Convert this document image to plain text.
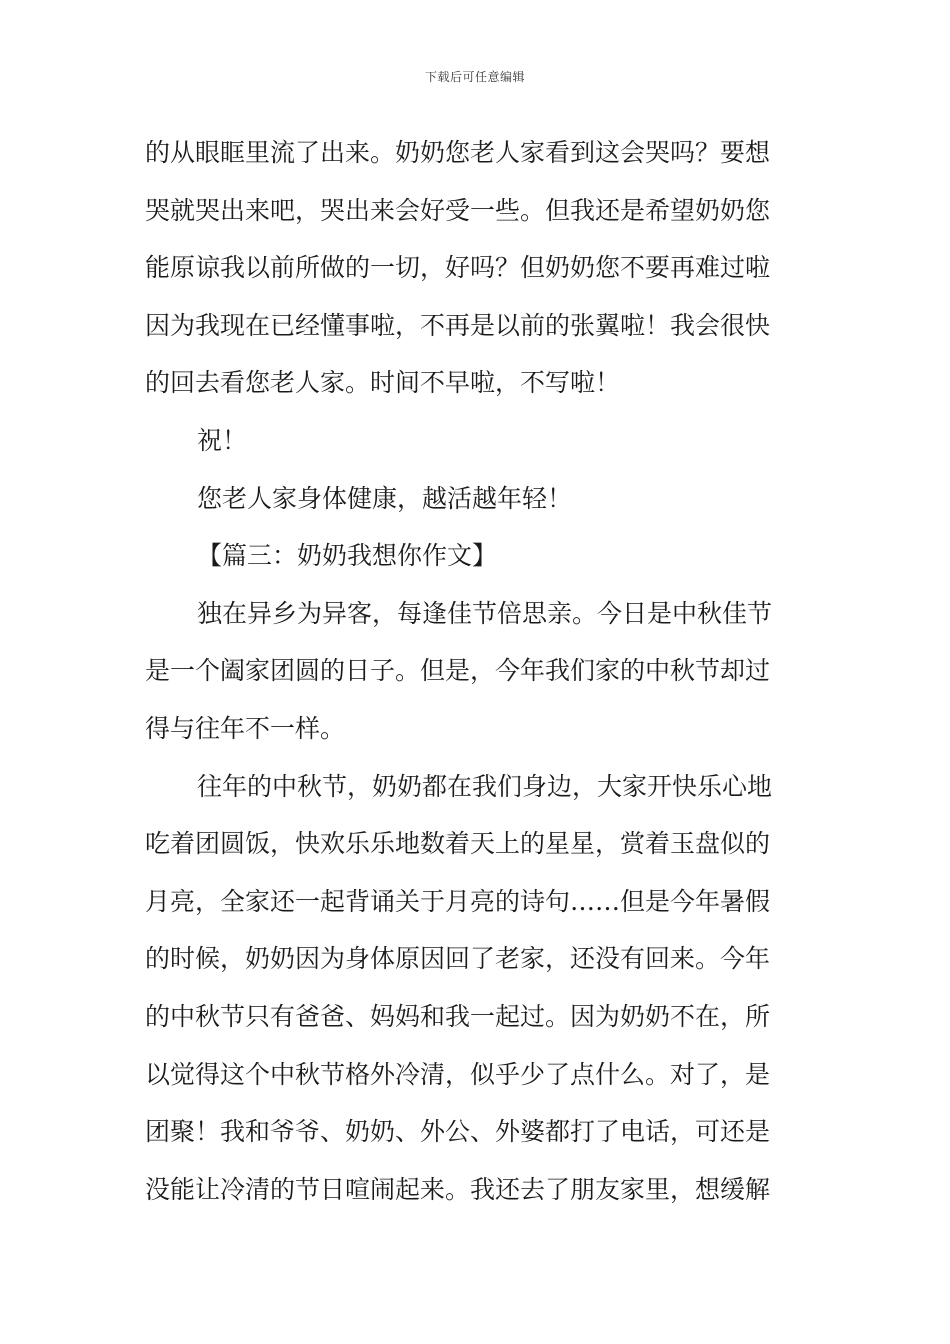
下载后可任意编辑
的从眼眶里流了出来。奶奶您老人家看到这会哭吗？要想
哭就哭出来吧，哭出来会好受一些。但我还是希望奶奶您
能原谅我以前所做的一切，好吗？但奶奶您不要再难过啦
因为我现在已经懂事啦，不再是以前的张翼啦！我会很快
的回去看您老人家。时间不早啦，不写啦！
祝！
您老人家身体健康，越活越年轻！
【篇三：奶奶我想你作文】
独在异乡为异客，每逢佳节倍思亲。今日是中秋佳节
是一个阖家团圆的日子。但是，今年我们家的中秋节却过
得与往年不一样。
往年的中秋节，奶奶都在我们身边，大家开快乐心地
吃着团圆饭，快欢乐乐地数着天上的星星，赏着玉盘似的
月亮，全家还一起背诵关于月亮的诗句……但是今年暑假
的时候，奶奶因为身体原因回了老家，还没有回来。今年
的中秋节只有爸爸、妈妈和我一起过。因为奶奶不在，所
以觉得这个中秋节格外冷清，似乎少了点什么。对了，是
团聚！我和爷爷、奶奶、外公、外婆都打了电话，可还是
没能让冷清的节日喧闹起来。我还去了朋友家里，想缓解
